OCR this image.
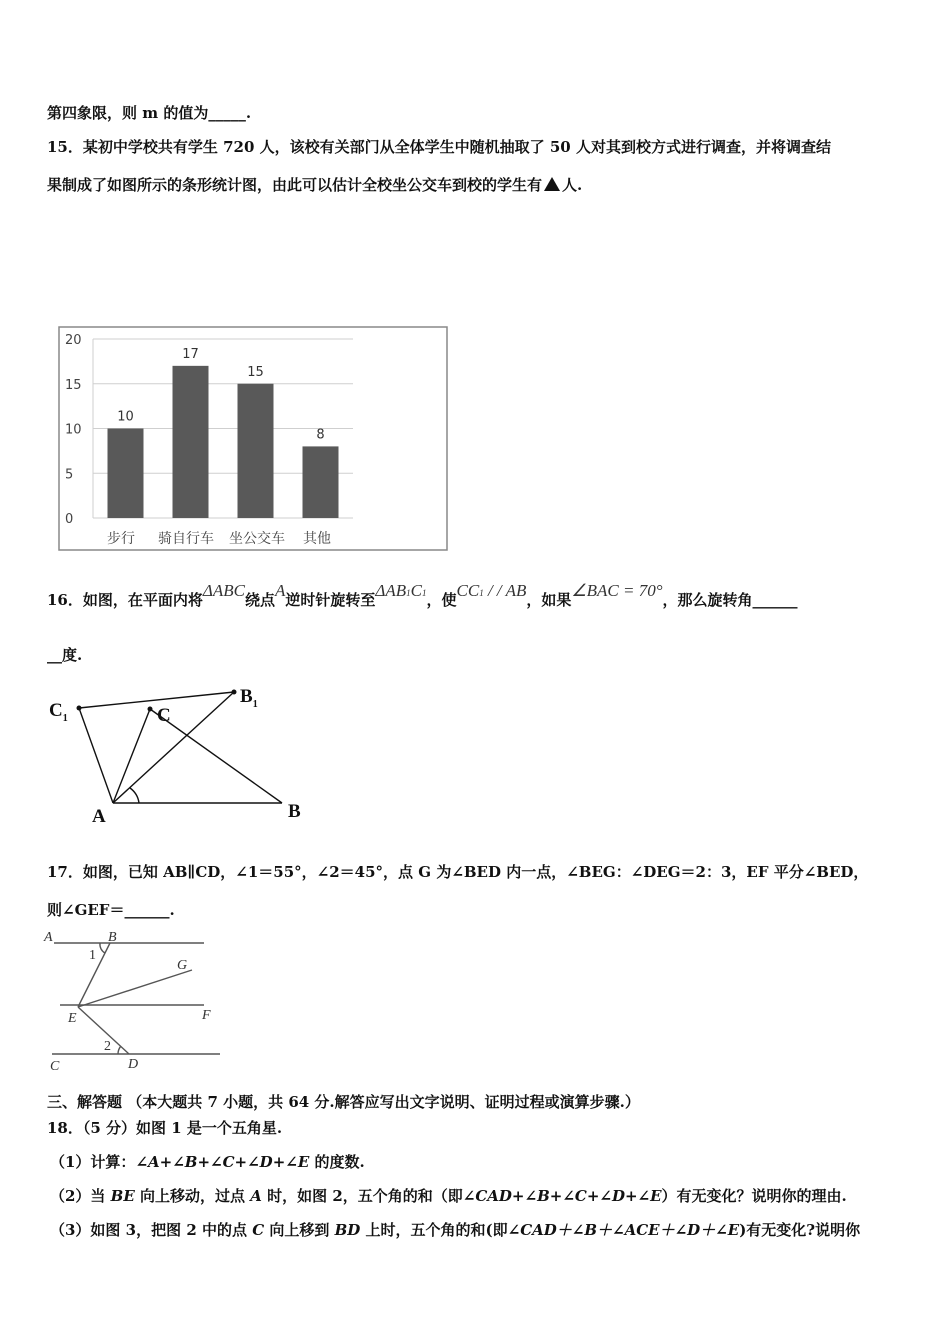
第四象限，则 m 的值为_____.
15．某初中学校共有学生 720 人，该校有关部门从全体学生中随机抽取了 50 人对其到校方式进行调查，并将调查结
果制成了如图所示的条形统计图，由此可以估计全校坐公交车到校的学生有 人.
0
5
10
15
20
10
17
15
8
步行 骑自行车 坐公交车 其他
16．如图，在平面内将ΔABC绕点A逆时针旋转至ΔAB1C1，使CC1 / / AB，如果∠BAC = 70°，那么旋转角______
__度.
$C_1$	C
$B_1$
A	B
17．如图，已知 AB∥CD，∠1＝55°，∠2＝45°，点 G 为∠BED 内一点，∠BEG：∠DEG＝2：3，EF 平分∠BED，
则∠GEF＝______.
A	B
G
E	F
C	D
1
2
三、解答题 （本大题共 7 小题，共 64 分.解答应写出文字说明、证明过程或演算步骤.）
18．（5 分）如图 1 是一个五角星.
（1）计算：∠A+∠B+∠C+∠D+∠E 的度数.
（2）当 BE 向上移动，过点 A 时，如图 2，五个角的和（即∠CAD+∠B+∠C+∠D+∠E）有无变化？说明你的理由.
（3）如图 3，把图 2 中的点 C 向上移到 BD 上时，五个角的和(即∠CAD＋∠B＋∠ACE＋∠D＋∠E)有无变化?说明你
